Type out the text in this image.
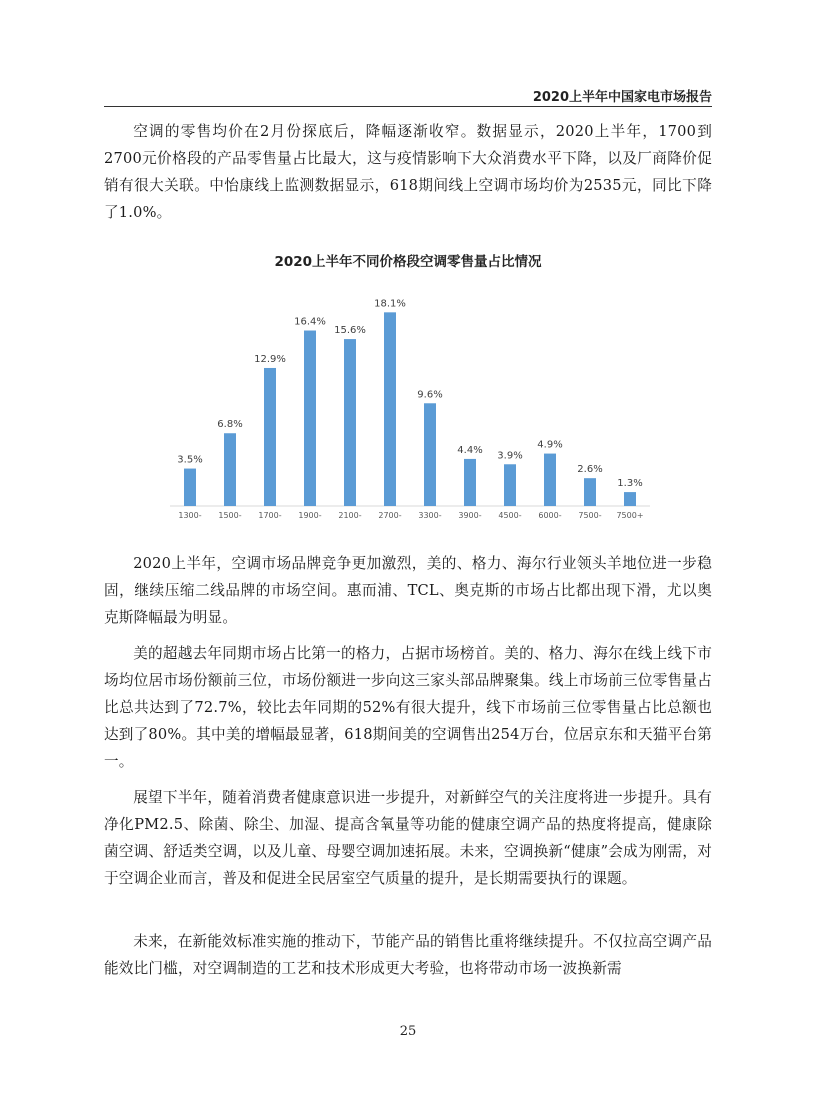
2020上半年中国家电市场报告

空调的零售均价在2月份探底后，降幅逐渐收窄。数据显示，2020上半年，1700到2700元价格段的产品零售量占比最大，这与疫情影响下大众消费水平下降，以及厂商降价促销有很大关联。中怡康线上监测数据显示，618期间线上空调市场均价为2535元，同比下降了1.0%。

2020上半年不同价格段空调零售量占比情况
3.5%
1300-
6.8%
1500-
12.9%
1700-
16.4%
1900-
15.6%
2100-
18.1%
2700-
9.6%
3300-
4.4%
3900-
3.9%
4500-
4.9%
6000-
2.6%
7500-
1.3%
7500+

2020上半年，空调市场品牌竞争更加激烈，美的、格力、海尔行业领头羊地位进一步稳固，继续压缩二线品牌的市场空间。惠而浦、TCL、奥克斯的市场占比都出现下滑，尤以奥克斯降幅最为明显。

美的超越去年同期市场占比第一的格力，占据市场榜首。美的、格力、海尔在线上线下市场均位居市场份额前三位，市场份额进一步向这三家头部品牌聚集。线上市场前三位零售量占比总共达到了72.7%，较比去年同期的52%有很大提升，线下市场前三位零售量占比总额也达到了80%。其中美的增幅最显著，618期间美的空调售出254万台，位居京东和天猫平台第一。

展望下半年，随着消费者健康意识进一步提升，对新鲜空气的关注度将进一步提升。具有净化PM2.5、除菌、除尘、加湿、提高含氧量等功能的健康空调产品的热度将提高，健康除菌空调、舒适类空调，以及儿童、母婴空调加速拓展。未来，空调换新“健康”会成为刚需，对于空调企业而言，普及和促进全民居室空气质量的提升，是长期需要执行的课题。

未来，在新能效标准实施的推动下，节能产品的销售比重将继续提升。不仅拉高空调产品能效比门槛，对空调制造的工艺和技术形成更大考验，也将带动市场一波换新需

25
